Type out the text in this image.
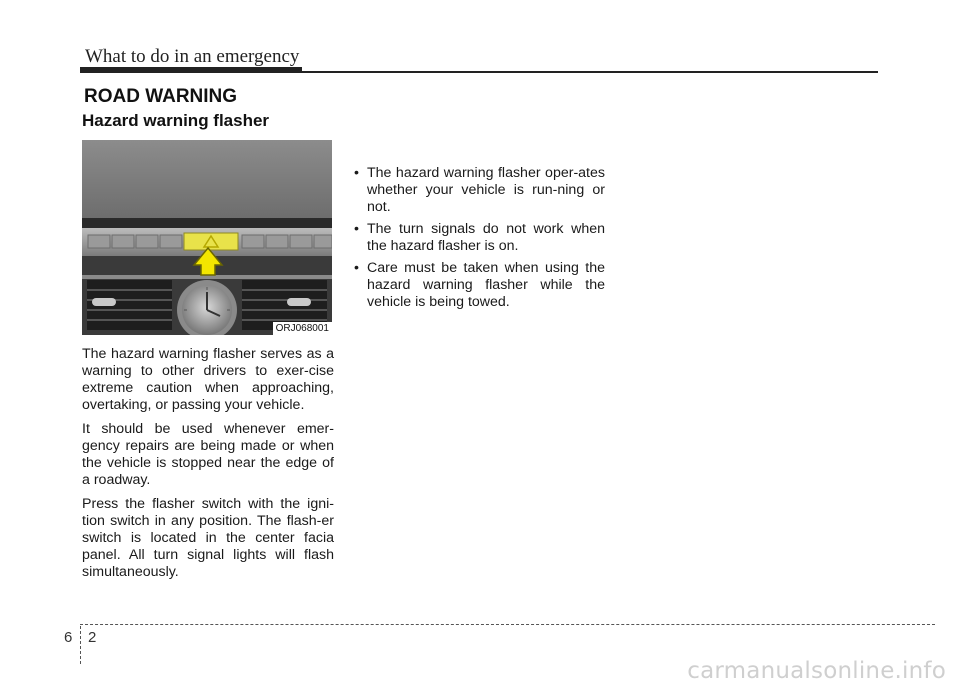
What to do in an emergency
ROAD WARNING
Hazard warning flasher
ORJ068001

The hazard warning flasher serves as a warning to other drivers to exer-cise extreme caution when approaching, overtaking, or passing your vehicle.

It should be used whenever emer-gency repairs are being made or when the vehicle is stopped near the edge of a roadway.

Press the flasher switch with the igni-tion switch in any position. The flash-er switch is located in the center facia panel. All turn signal lights will flash simultaneously.

• The hazard warning flasher oper-ates whether your vehicle is run-ning or not.
• The turn signals do not work when the hazard flasher is on.
• Care must be taken when using the hazard warning flasher while the vehicle is being towed.
6 2
carmanualsonline.info
